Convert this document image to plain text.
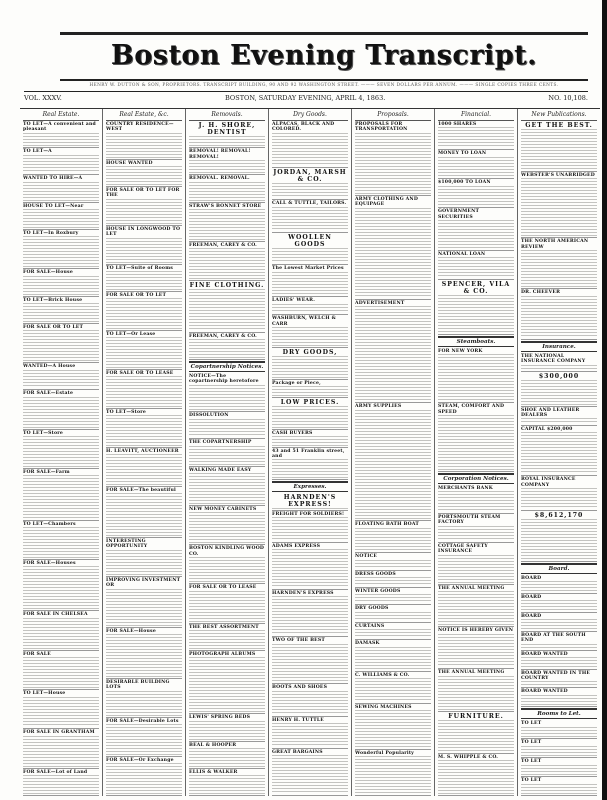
Boston Evening Transcript.
HENRY W. DUTTON & SON, PROPRIETORS. TRANSCRIPT BUILDING, 90 AND 92 WASHINGTON STREET. ——— SEVEN DOLLARS PER ANNUM. ——— SINGLE COPIES THREE CENTS.
VOL. XXXV.	BOSTON, SATURDAY EVENING, APRIL 4, 1863.	NO. 10,108.
Real Estate.
TO LET—A convenient and pleasant
TO LET—A
WANTED TO HIRE—A
HOUSE TO LET—Near
TO LET—In Roxbury
FOR SALE—House
TO LET—Brick House
FOR SALE OR TO LET
WANTED—A House
FOR SALE—Estate
TO LET—Store
FOR SALE—Farm
TO LET—Chambers
FOR SALE—Houses
FOR SALE IN CHELSEA
FOR SALE
TO LET—House
FOR SALE IN GRANTHAM
FOR SALE—Lot of Land
Real Estate, &c.
COUNTRY RESIDENCE—WEST
HOUSE WANTED
FOR SALE OR TO LET FOR THE
HOUSE IN LONGWOOD TO LET
TO LET—Suite of Rooms
FOR SALE OR TO LET
TO LET—Or Lease
FOR SALE OR TO LEASE
TO LET—Store
H. LEAVITT, AUCTIONEER
FOR SALE—The beautiful
INTERESTING OPPORTUNITY
IMPROVING INVESTMENT OR
FOR SALE—House
DESIRABLE BUILDING LOTS
FOR SALE—Desirable Lots
FOR SALE—Or Exchange
Removals.
J. H. SHORE, DENTIST
REMOVAL! REMOVAL! REMOVAL!
REMOVAL. REMOVAL.
STRAW'S BONNET STORE
FREEMAN, CAREY & CO.
FINE CLOTHING.
FREEMAN, CAREY & CO.
Copartnership Notices.
NOTICE—The copartnership heretofore
DISSOLUTION
THE COPARTNERSHIP
WALKING MADE EASY
NEW MONEY CABINETS
BOSTON KINDLING WOOD CO.
FOR SALE OR TO LEASE
THE BEST ASSORTMENT
PHOTOGRAPH ALBUMS
LEWIS' SPRING BEDS
BEAL & HOOPER
ELLIS & WALKER
Dry Goods.
ALPACAS, BLACK AND COLORED.
JORDAN, MARSH & CO.
CALL & TUTTLE, TAILORS.
WOOLLEN GOODS
The Lowest Market Prices
LADIES' WEAR.
WASHBURN, WELCH & CARR
DRY GOODS,
Package or Piece,
LOW PRICES.
CASH BUYERS
43 and 51 Franklin street, and
Expresses.
HARNDEN'S EXPRESS!
FREIGHT FOR SOLDIERS!
ADAMS EXPRESS
HARNDEN'S EXPRESS
TWO OF THE BEST
BOOTS AND SHOES
HENRY H. TUTTLE
GREAT BARGAINS
Proposals.
PROPOSALS FOR TRANSPORTATION
ARMY CLOTHING AND EQUIPAGE
ADVERTISEMENT
ARMY SUPPLIES
FLOATING BATH BOAT
NOTICE
DRESS GOODS
WINTER GOODS
DRY GOODS
CURTAINS
DAMASK
C. WILLIAMS & CO.
SEWING MACHINES
Wonderful Popularity
Financial.
1000 SHARES
MONEY TO LOAN
$100,000 TO LOAN
GOVERNMENT SECURITIES
NATIONAL LOAN
SPENCER, VILA & CO.
Steamboats.
FOR NEW YORK
STEAM, COMFORT AND SPEED
Corporation Notices.
MERCHANTS BANK
PORTSMOUTH STEAM FACTORY
COTTAGE SAFETY INSURANCE
THE ANNUAL MEETING
NOTICE IS HEREBY GIVEN
THE ANNUAL MEETING
FURNITURE.
M. S. WHIPPLE & CO.
New Publications.
GET THE BEST.
WEBSTER'S UNABRIDGED
THE NORTH AMERICAN REVIEW
DR. CHEEVER
Insurance.
THE NATIONAL INSURANCE COMPANY
$300,000
SHOE AND LEATHER DEALERS
CAPITAL $200,000
ROYAL INSURANCE COMPANY
$8,612,170
Board.
BOARD
BOARD
BOARD
BOARD AT THE SOUTH END
BOARD WANTED
BOARD WANTED IN THE COUNTRY
BOARD WANTED
Rooms to Let.
TO LET
TO LET
TO LET
TO LET
